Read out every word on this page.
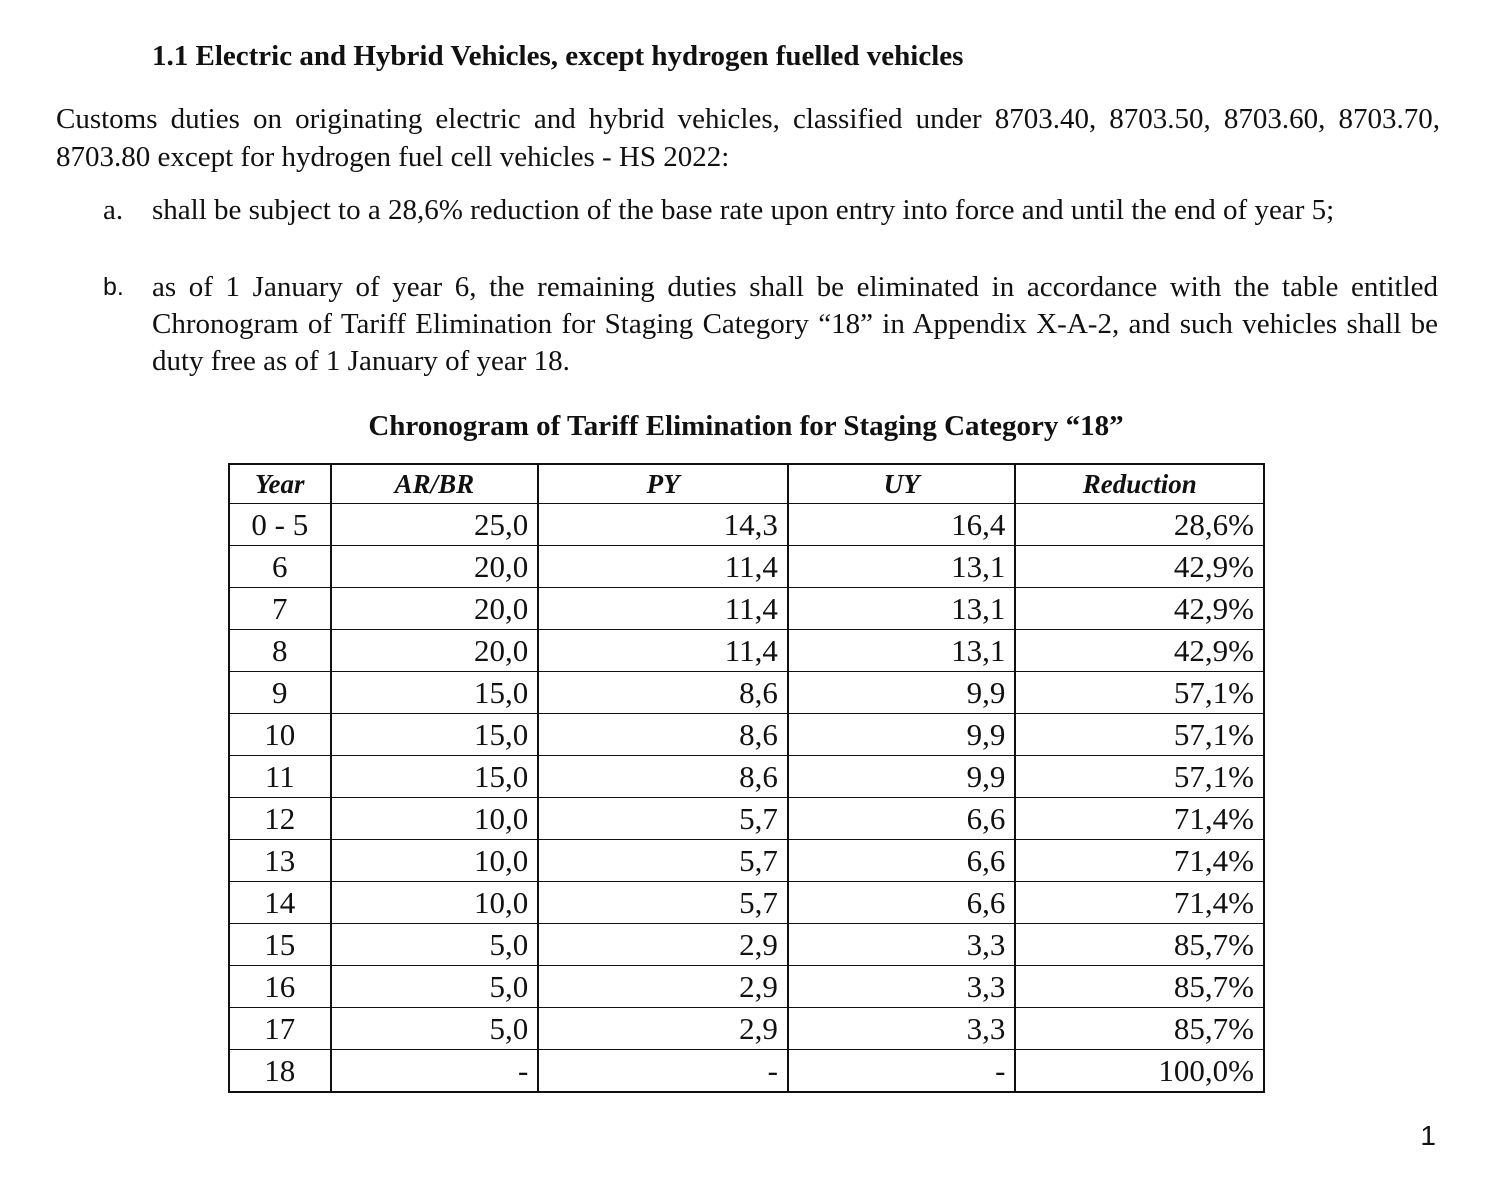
1.1 Electric and Hybrid Vehicles, except hydrogen fuelled vehicles
Customs duties on originating electric and hybrid vehicles, classified under 8703.40, 8703.50, 8703.60, 8703.70, 8703.80 except for hydrogen fuel cell vehicles - HS 2022:
a. shall be subject to a 28,6% reduction of the base rate upon entry into force and until the end of year 5;
b. as of 1 January of year 6, the remaining duties shall be eliminated in accordance with the table entitled Chronogram of Tariff Elimination for Staging Category “18” in Appendix X-A-2, and such vehicles shall be duty free as of 1 January of year 18.
Chronogram of Tariff Elimination for Staging Category “18”
Year	AR/BR	PY	UY	Reduction
0 - 5	25,0	14,3	16,4	28,6%
6	20,0	11,4	13,1	42,9%
7	20,0	11,4	13,1	42,9%
8	20,0	11,4	13,1	42,9%
9	15,0	8,6	9,9	57,1%
10	15,0	8,6	9,9	57,1%
11	15,0	8,6	9,9	57,1%
12	10,0	5,7	6,6	71,4%
13	10,0	5,7	6,6	71,4%
14	10,0	5,7	6,6	71,4%
15	5,0	2,9	3,3	85,7%
16	5,0	2,9	3,3	85,7%
17	5,0	2,9	3,3	85,7%
18	-	-	-	100,0%
1
